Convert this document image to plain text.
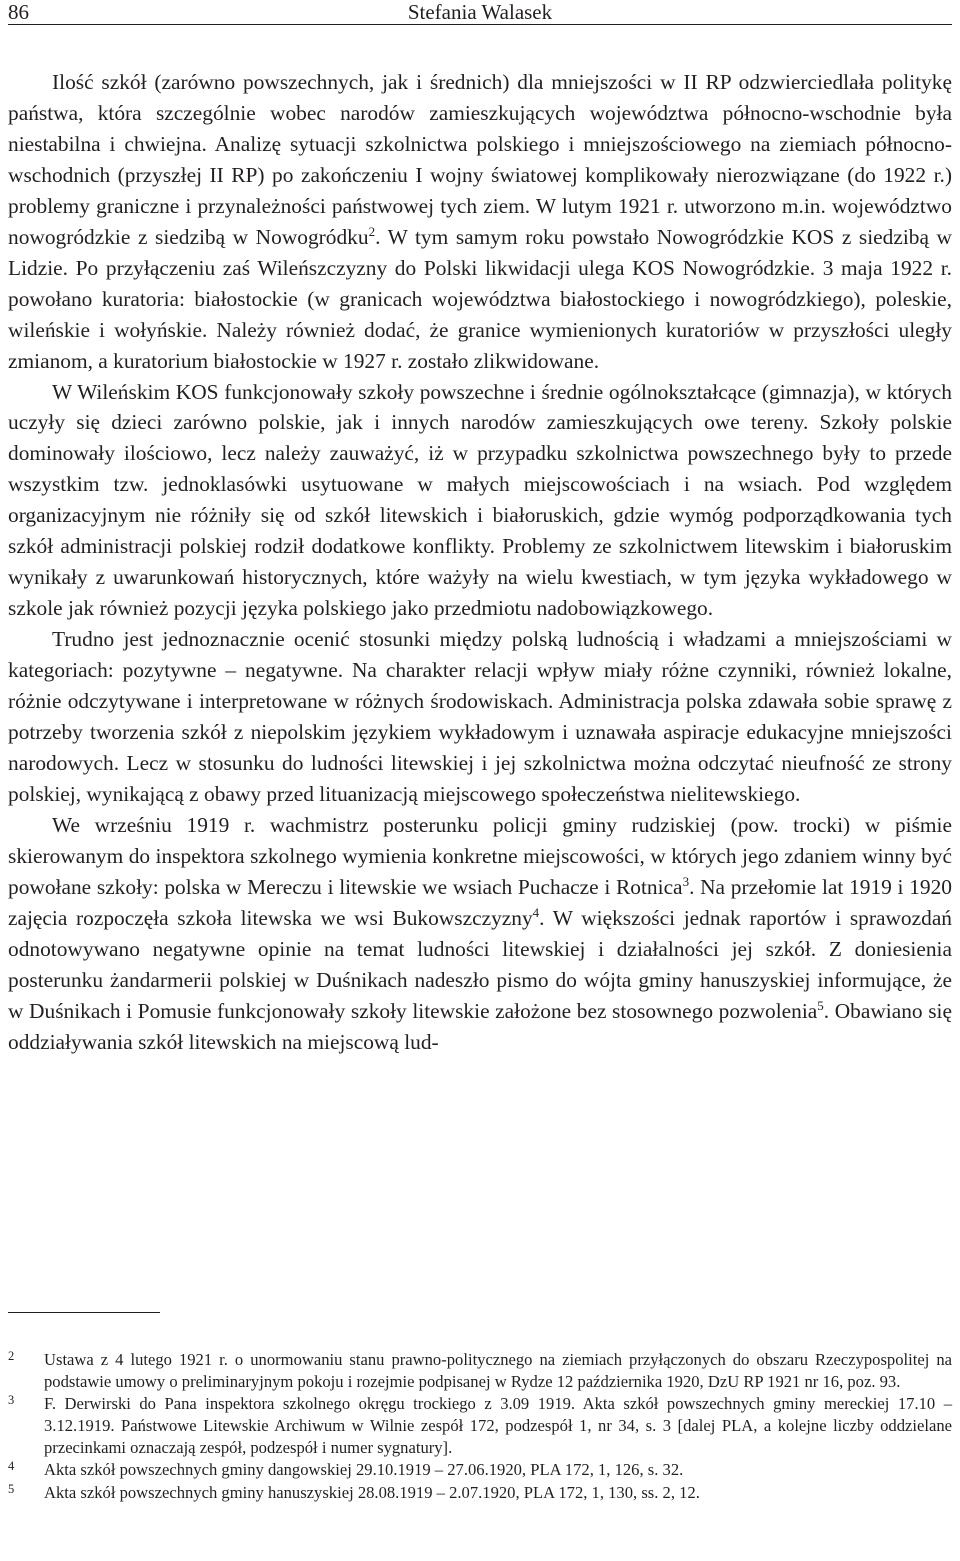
86	Stefania Walasek

Ilość szkół (zarówno powszechnych, jak i średnich) dla mniejszości w II RP odzwierciedlała politykę państwa, która szczególnie wobec narodów zamieszkujących województwa północno-wschodnie była niestabilna i chwiejna. Analizę sytuacji szkolnictwa polskiego i mniejszościowego na ziemiach północno-wschodnich (przyszłej II RP) po zakończeniu I wojny światowej komplikowały nierozwiązane (do 1922 r.) problemy graniczne i przynależności państwowej tych ziem. W lutym 1921 r. utworzono m.in. województwo nowogródzkie z siedzibą w Nowogródku$^2$. W tym samym roku powstało Nowogródzkie KOS z siedzibą w Lidzie. Po przyłączeniu zaś Wileńszczyzny do Polski likwidacji ulega KOS Nowogródzkie. 3 maja 1922 r. powołano kuratoria: białostockie (w granicach województwa białostockiego i nowogródzkiego), poleskie, wileńskie i wołyńskie. Należy również dodać, że granice wymienionych kuratoriów w przyszłości uległy zmianom, a kuratorium białostockie w 1927 r. zostało zlikwidowane.

W Wileńskim KOS funkcjonowały szkoły powszechne i średnie ogólnokształcące (gimnazja), w których uczyły się dzieci zarówno polskie, jak i innych narodów zamieszkujących owe tereny. Szkoły polskie dominowały ilościowo, lecz należy zauważyć, iż w przypadku szkolnictwa powszechnego były to przede wszystkim tzw. jednoklasówki usytuowane w małych miejscowościach i na wsiach. Pod względem organizacyjnym nie różniły się od szkół litewskich i białoruskich, gdzie wymóg podporządkowania tych szkół administracji polskiej rodził dodatkowe konflikty. Problemy ze szkolnictwem litewskim i białoruskim wynikały z uwarunkowań historycznych, które ważyły na wielu kwestiach, w tym języka wykładowego w szkole jak również pozycji języka polskiego jako przedmiotu nadobowiązkowego.

Trudno jest jednoznacznie ocenić stosunki między polską ludnością i władzami a mniejszościami w kategoriach: pozytywne – negatywne. Na charakter relacji wpływ miały różne czynniki, również lokalne, różnie odczytywane i interpretowane w różnych środowiskach. Administracja polska zdawała sobie sprawę z potrzeby tworzenia szkół z niepolskim językiem wykładowym i uznawała aspiracje edukacyjne mniejszości narodowych. Lecz w stosunku do ludności litewskiej i jej szkolnictwa można odczytać nieufność ze strony polskiej, wynikającą z obawy przed lituanizacją miejscowego społeczeństwa nielitewskiego.

We wrześniu 1919 r. wachmistrz posterunku policji gminy rudziskiej (pow. trocki) w piśmie skierowanym do inspektora szkolnego wymienia konkretne miejscowości, w których jego zdaniem winny być powołane szkoły: polska w Mereczu i litewskie we wsiach Puchacze i Rotnica$^3$. Na przełomie lat 1919 i 1920 zajęcia rozpoczęła szkoła litewska we wsi Bukowszczyzny$^4$. W większości jednak raportów i sprawozdań odnotowywano negatywne opinie na temat ludności litewskiej i działalności jej szkół. Z doniesienia posterunku żandarmerii polskiej w Duśnikach nadeszło pismo do wójta gminy hanuszyskiej informujące, że w Duśnikach i Pomusie funkcjonowały szkoły litewskie założone bez stosownego pozwolenia$^5$. Obawiano się oddziaływania szkół litewskich na miejscową lud-

2 Ustawa z 4 lutego 1921 r. o unormowaniu stanu prawno-politycznego na ziemiach przyłączonych do obszaru Rzeczypospolitej na podstawie umowy o preliminaryjnym pokoju i rozejmie podpisanej w Rydze 12 października 1920, DzU RP 1921 nr 16, poz. 93.

3 F. Derwirski do Pana inspektora szkolnego okręgu trockiego z 3.09 1919. Akta szkół powszechnych gminy mereckiej 17.10 – 3.12.1919. Państwowe Litewskie Archiwum w Wilnie zespół 172, podzespół 1, nr 34, s. 3 [dalej PLA, a kolejne liczby oddzielane przecinkami oznaczają zespół, podzespół i numer sygnatury].

4 Akta szkół powszechnych gminy dangowskiej 29.10.1919 – 27.06.1920, PLA 172, 1, 126, s. 32.

5 Akta szkół powszechnych gminy hanuszyskiej 28.08.1919 – 2.07.1920, PLA 172, 1, 130, ss. 2, 12.
